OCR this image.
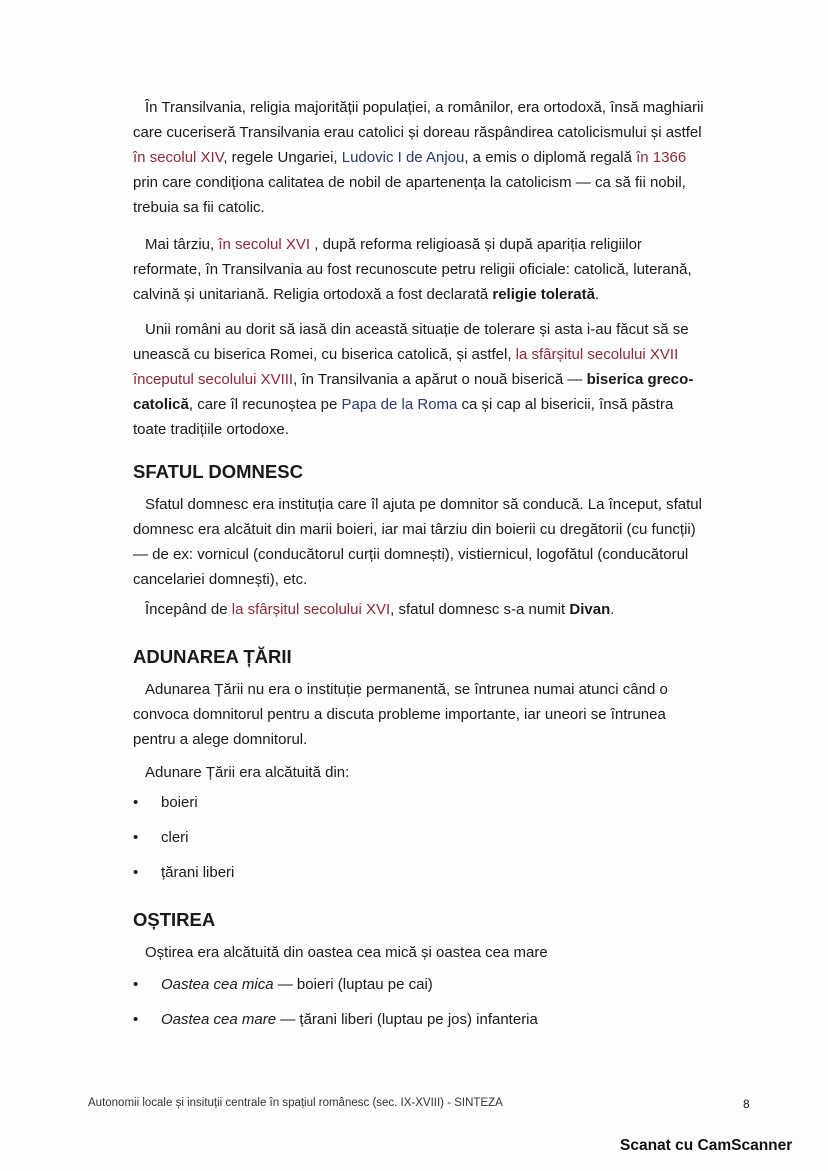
În Transilvania, religia majorității populației, a românilor, era ortodoxă, însă maghiarii care cuceriseră Transilvania erau catolici și doreau răspândirea catolicismului și astfel în secolul XIV, regele Ungariei, Ludovic I de Anjou, a emis o diplomă regală în 1366 prin care condiționa calitatea de nobil de apartenența la catolicism — ca să fii nobil, trebuia sa fii catolic.
Mai târziu, în secolul XVI , după reforma religioasă și după apariția religiilor reformate, în Transilvania au fost recunoscute petru religii oficiale: catolică, luterană, calvină și unitariană. Religia ortodoxă a fost declarată religie tolerată.
Unii români au dorit să iasă din această situație de tolerare și asta i-au făcut să se unească cu biserica Romei, cu biserica catolică, și astfel, la sfârșitul secolului XVII începutul secolului XVIII, în Transilvania a apărut o nouă biserică — biserica greco-catolică, care îl recunoștea pe Papa de la Roma ca și cap al bisericii, însă păstra toate tradițiile ortodoxe.
SFATUL DOMNESC
Sfatul domnesc era instituția care îl ajuta pe domnitor să conducă. La început, sfatul domnesc era alcătuit din marii boieri, iar mai târziu din boierii cu dregătorii (cu funcții) — de ex: vornicul (conducătorul curții domnești), vistiernicul, logofătul (conducătorul cancelariei domnești), etc.
Începând de la sfârșitul secolului XVI, sfatul domnesc s-a numit Divan.
ADUNAREA ȚĂRII
Adunarea Țării nu era o instituție permanentă, se întrunea numai atunci când o convoca domnitorul pentru a discuta probleme importante, iar uneori se întrunea pentru a alege domnitorul.
Adunare Țării era alcătuită din:
• boieri
• cleri
• țărani liberi
OȘTIREA
Oștirea era alcătuită din oastea cea mică și oastea cea mare
• Oastea cea mica — boieri (luptau pe cai)
• Oastea cea mare — țărani liberi (luptau pe jos) infanteria
Autonomii locale și insituții centrale în spațiul românesc (sec. IX-XVIII) - SINTEZA	8
Scanat cu CamScanner
